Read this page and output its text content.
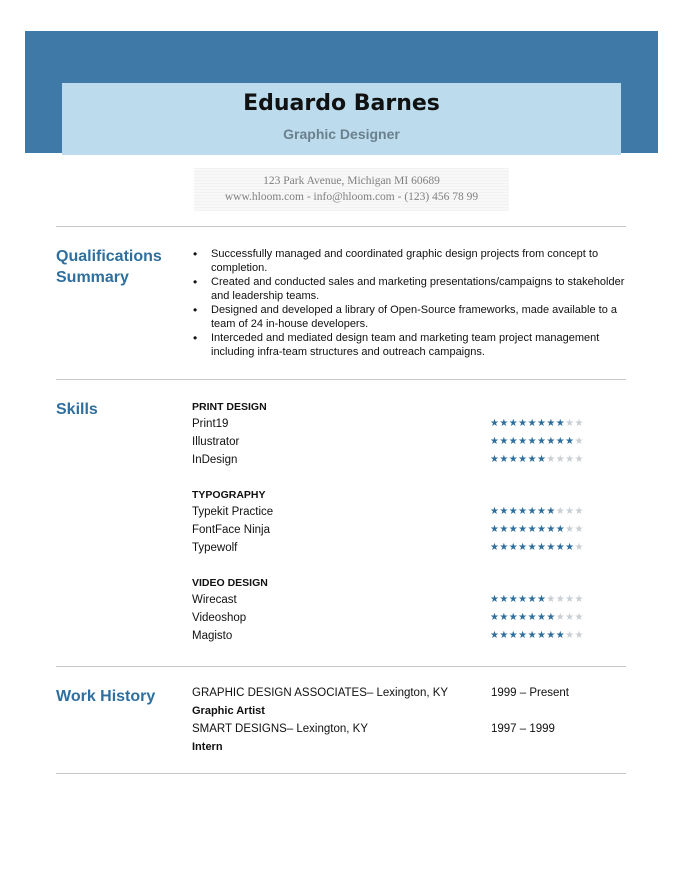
Eduardo Barnes
Graphic Designer
123 Park Avenue, Michigan MI 60689
www.hloom.com - info@hloom.com - (123) 456 78 99
Qualifications Summary
• Successfully managed and coordinated graphic design projects from concept to completion.
• Created and conducted sales and marketing presentations/campaigns to stakeholder and leadership teams.
• Designed and developed a library of Open-Source frameworks, made available to a team of 24 in-house developers.
• Interceded and mediated design team and marketing team project management including infra-team structures and outreach campaigns.
Skills	PRINT DESIGN
Print19	★★★★★★★★★★
Illustrator	★★★★★★★★★★
InDesign	★★★★★★★★★★
TYPOGRAPHY
Typekit Practice	★★★★★★★★★★
FontFace Ninja	★★★★★★★★★★
Typewolf	★★★★★★★★★★
VIDEO DESIGN
Wirecast	★★★★★★★★★★
Videoshop	★★★★★★★★★★
Magisto	★★★★★★★★★★
Work History	GRAPHIC DESIGN ASSOCIATES– Lexington, KY	1999 – Present
Graphic Artist
SMART DESIGNS– Lexington, KY	1997 – 1999
Intern
